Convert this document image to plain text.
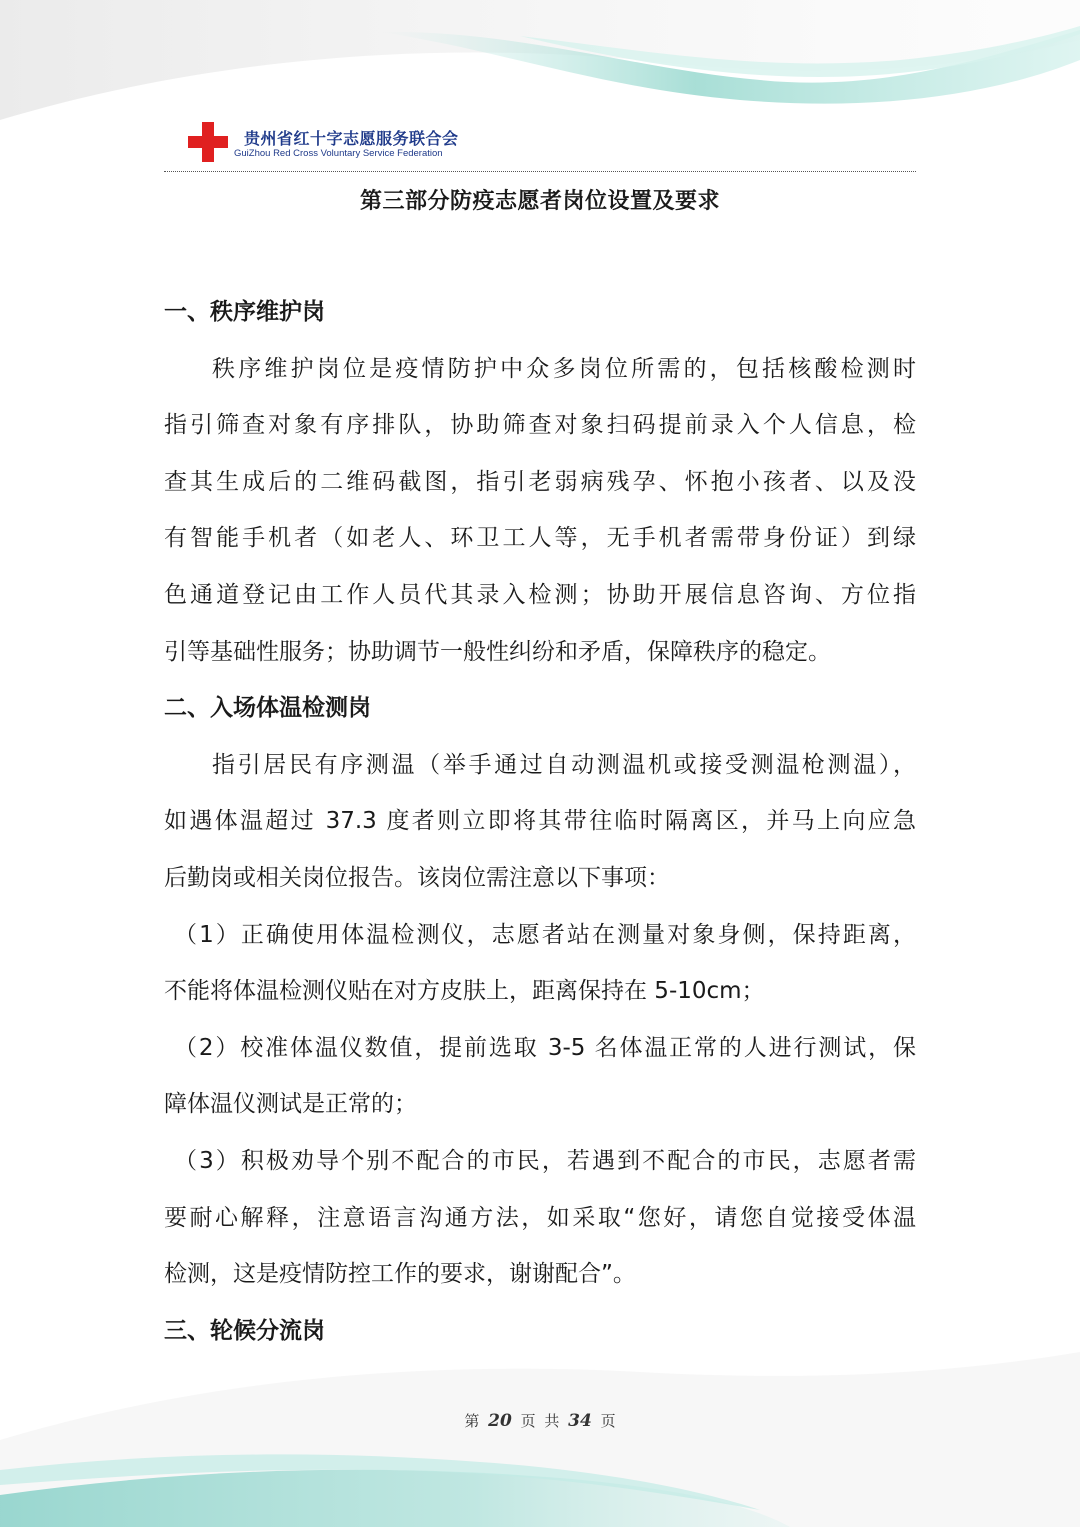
贵州省红十字志愿服务联合会
GuiZhou Red Cross Voluntary Service Federation
第三部分防疫志愿者岗位设置及要求
一、秩序维护岗
秩序维护岗位是疫情防护中众多岗位所需的，包括核酸检测时
指引筛查对象有序排队，协助筛查对象扫码提前录入个人信息，检
查其生成后的二维码截图，指引老弱病残孕、怀抱小孩者、以及没
有智能手机者（如老人、环卫工人等，无手机者需带身份证）到绿
色通道登记由工作人员代其录入检测；协助开展信息咨询、方位指
引等基础性服务；协助调节一般性纠纷和矛盾，保障秩序的稳定。
二、入场体温检测岗
指引居民有序测温（举手通过自动测温机或接受测温枪测温），
如遇体温超过 37.3 度者则立即将其带往临时隔离区，并马上向应急
后勤岗或相关岗位报告。该岗位需注意以下事项：
（1）正确使用体温检测仪，志愿者站在测量对象身侧，保持距离，
不能将体温检测仪贴在对方皮肤上，距离保持在 5-10cm；
（2）校准体温仪数值，提前选取 3-5 名体温正常的人进行测试，保
障体温仪测试是正常的；
（3）积极劝导个别不配合的市民，若遇到不配合的市民，志愿者需
要耐心解释，注意语言沟通方法，如采取“您好，请您自觉接受体温
检测，这是疫情防控工作的要求，谢谢配合”。
三、轮候分流岗
第 20 页 共 34 页
